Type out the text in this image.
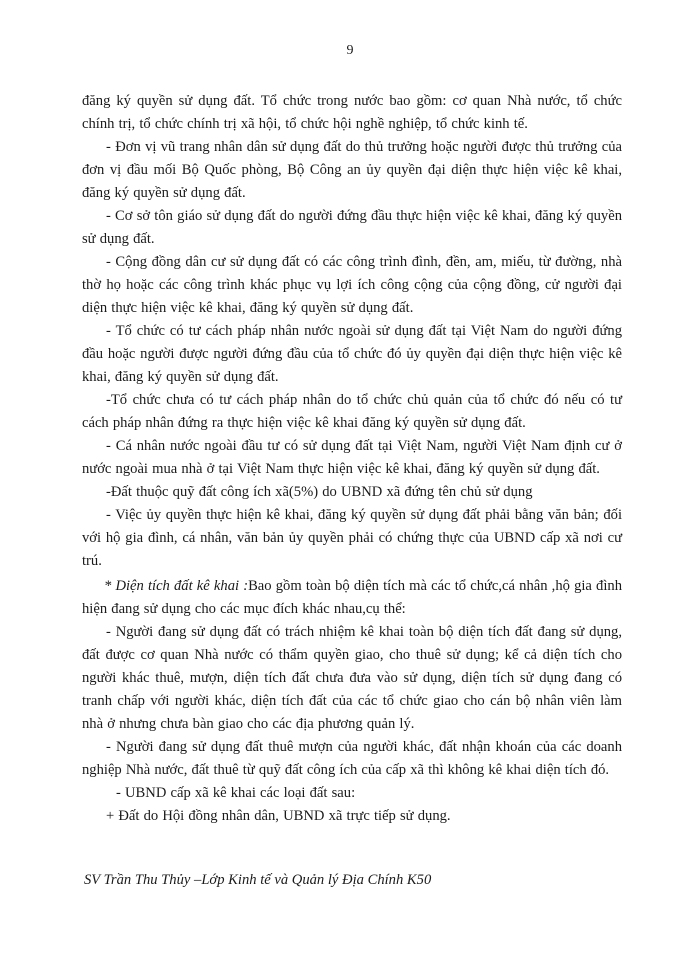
9

đăng ký quyền sử dụng đất. Tổ chức trong nước bao gồm: cơ quan Nhà nước, tổ chức chính trị, tổ chức chính trị xã hội, tổ chức hội nghề nghiệp, tổ chức kinh tế.

- Đơn vị vũ trang nhân dân sử dụng đất do thủ trưởng hoặc người được thủ trưởng của đơn vị đầu mối Bộ Quốc phòng, Bộ Công an ủy quyền đại diện thực hiện việc kê khai, đăng ký quyền sử dụng đất.

- Cơ sở tôn giáo sử dụng đất do người đứng đầu thực hiện việc kê khai, đăng ký quyền sử dụng đất.

- Cộng đồng dân cư sử dụng đất có các công trình đình, đền, am, miếu, từ đường, nhà thờ họ hoặc các công trình khác phục vụ lợi ích công cộng của cộng đồng, cử người đại diện thực hiện việc kê khai, đăng ký quyền sử dụng đất.

- Tổ chức có tư cách pháp nhân nước ngoài sử dụng đất tại Việt Nam do người đứng đầu hoặc người được người đứng đầu của tổ chức đó ủy quyền đại diện thực hiện việc kê khai, đăng ký quyền sử dụng đất.

-Tổ chức chưa có tư cách pháp nhân do tổ chức chủ quản của tổ chức đó nếu có tư cách pháp nhân đứng ra thực hiện việc kê khai đăng ký quyền sử dụng đất.

- Cá nhân nước ngoài đầu tư có sử dụng đất tại Việt Nam, người Việt Nam định cư ở nước ngoài mua nhà ở tại Việt Nam thực hiện việc kê khai, đăng ký quyền sử dụng đất.

-Đất thuộc quỹ đất công ích xã(5%) do UBND xã đứng tên chủ sử dụng

- Việc ủy quyền thực hiện kê khai, đăng ký quyền sử dụng đất phải bằng văn bản; đối với hộ gia đình, cá nhân, văn bản ủy quyền phải có chứng thực của UBND cấp xã nơi cư trú.

* Diện tích đất kê khai :Bao gồm toàn bộ diện tích mà các tổ chức,cá nhân ,hộ gia đình hiện đang sử dụng cho các mục đích khác nhau,cụ thể:

- Người đang sử dụng đất có trách nhiệm kê khai toàn bộ diện tích đất đang sử dụng, đất được cơ quan Nhà nước có thẩm quyền giao, cho thuê sử dụng; kể cả diện tích cho người khác thuê, mượn, diện tích đất chưa đưa vào sử dụng, diện tích sử dụng đang có tranh chấp với người khác, diện tích đất của các tổ chức giao cho cán bộ nhân viên làm nhà ở nhưng chưa bàn giao cho các địa phương quản lý.

- Người đang sử dụng đất thuê mượn của người khác, đất nhận khoán của các doanh nghiệp Nhà nước, đất thuê từ quỹ đất công ích của cấp xã thì không kê khai diện tích đó.

- UBND cấp xã kê khai các loại đất sau:

+ Đất do Hội đồng nhân dân, UBND xã trực tiếp sử dụng.

SV Trần Thu Thủy –Lớp Kinh tế và Quản lý Địa Chính K50
